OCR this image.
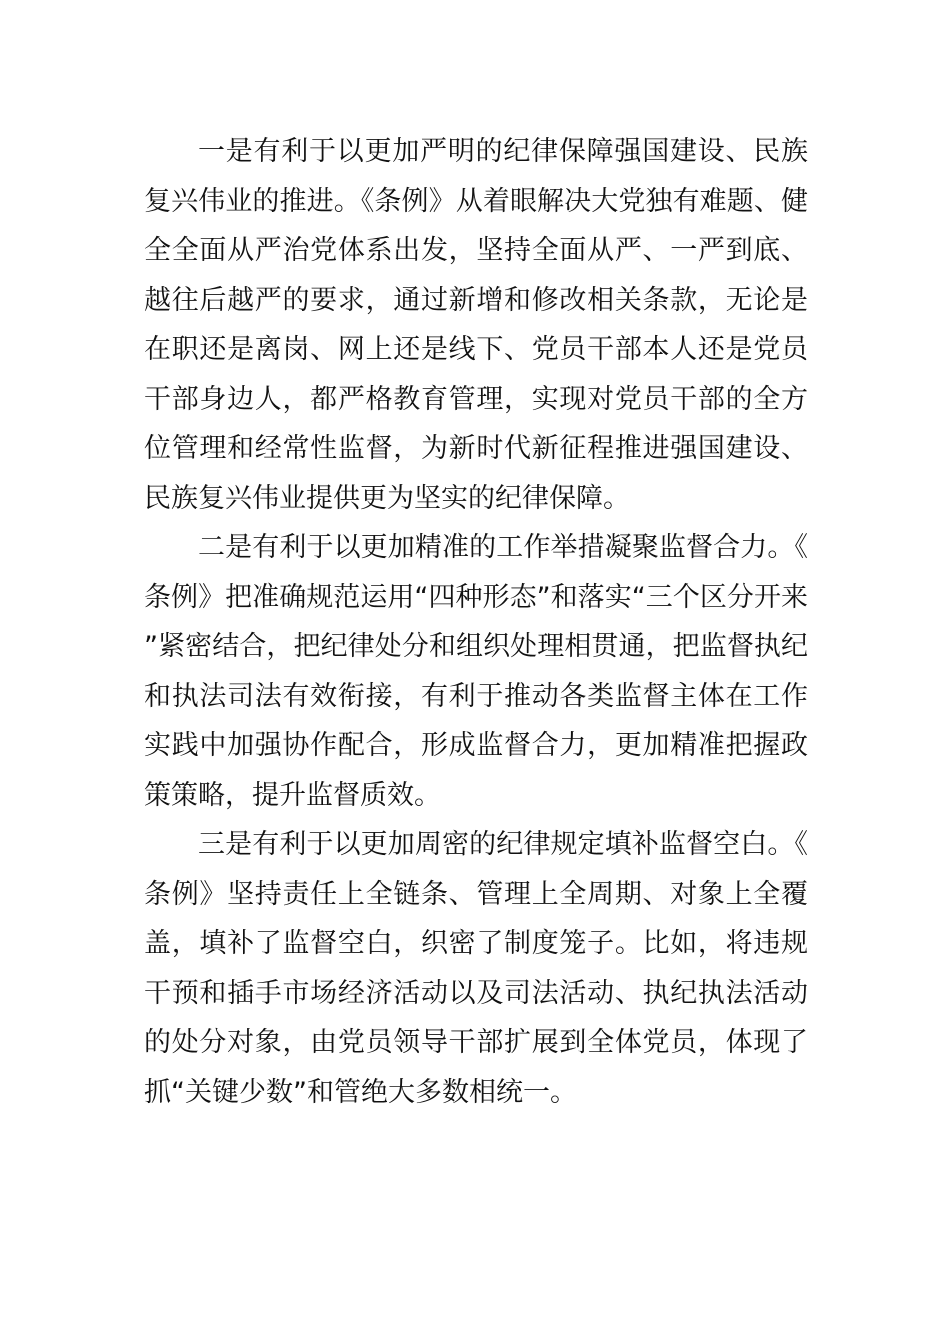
一是有利于以更加严明的纪律保障强国建设、民族复兴伟业的推进。《条例》从着眼解决大党独有难题、健全全面从严治党体系出发，坚持全面从严、一严到底、越往后越严的要求，通过新增和修改相关条款，无论是在职还是离岗、网上还是线下、党员干部本人还是党员干部身边人，都严格教育管理，实现对党员干部的全方位管理和经常性监督，为新时代新征程推进强国建设、民族复兴伟业提供更为坚实的纪律保障。

二是有利于以更加精准的工作举措凝聚监督合力。《条例》把准确规范运用“四种形态”和落实“三个区分开来”紧密结合，把纪律处分和组织处理相贯通，把监督执纪和执法司法有效衔接，有利于推动各类监督主体在工作实践中加强协作配合，形成监督合力，更加精准把握政策策略，提升监督质效。

三是有利于以更加周密的纪律规定填补监督空白。《条例》坚持责任上全链条、管理上全周期、对象上全覆盖，填补了监督空白，织密了制度笼子。比如，将违规干预和插手市场经济活动以及司法活动、执纪执法活动的处分对象，由党员领导干部扩展到全体党员，体现了抓“关键少数”和管绝大多数相统一。
